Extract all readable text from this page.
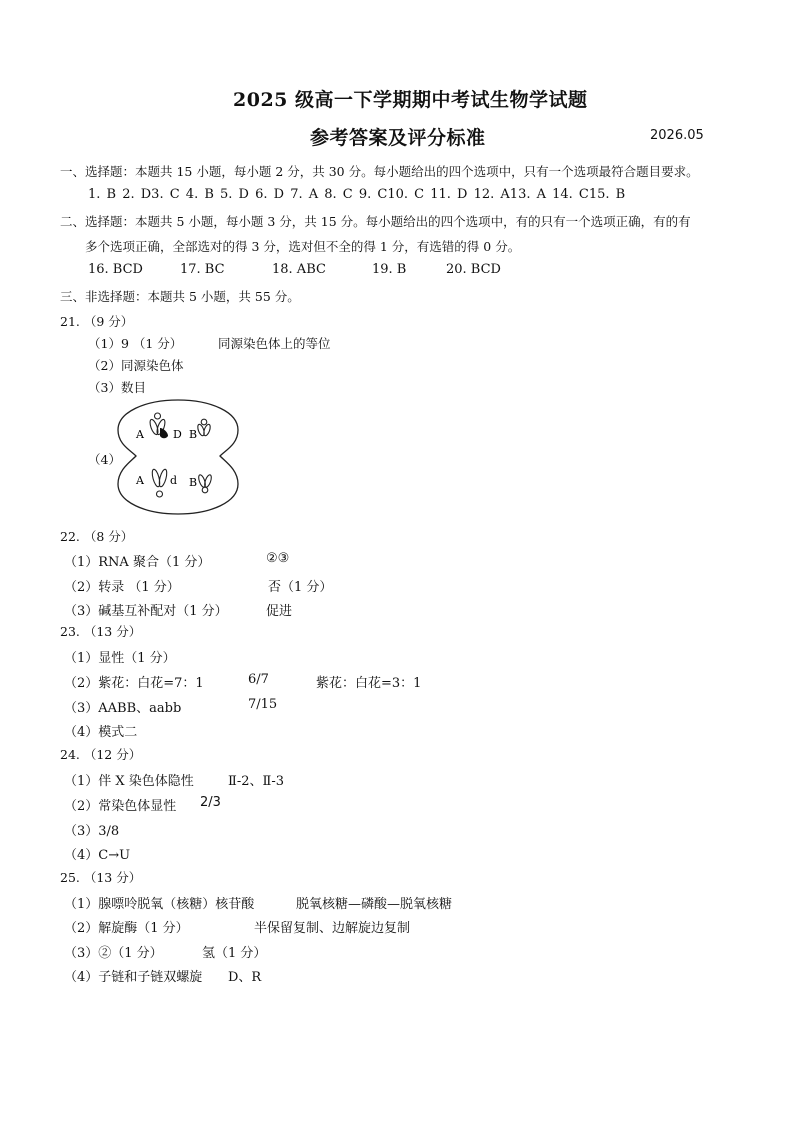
2025 级高一下学期期中考试生物学试题
参考答案及评分标准	2026.05
一、选择题：本题共 15 小题，每小题 2 分，共 30 分。每小题给出的四个选项中，只有一个选项最符合题目要求。
1. B 2. D3. C 4. B 5. D 6. D 7. A 8. C 9. C10. C 11. D 12. A13. A 14. C15. B
二、选择题：本题共 5 小题，每小题 3 分，共 15 分。每小题给出的四个选项中，有的只有一个选项正确，有的有
多个选项正确，全部选对的得 3 分，选对但不全的得 1 分，有选错的得 0 分。
16. BCD	17. BC	18. ABC	19. B	20. BCD
三、非选择题：本题共 5 小题，共 55 分。
21. （9 分）
（1）9 （1 分）	同源染色体上的等位
（2）同源染色体
（3）数目
（4）
A	D B
A d B
22. （8 分）
（1）RNA 聚合（1 分）	②③
（2）转录 （1 分）	否（1 分）
（3）碱基互补配对（1 分）	促进
23. （13 分）
（1）显性（1 分）
（2）紫花：白花=7：1	6/7	紫花：白花=3：1
（3）AABB、aabb	7/15
（4）模式二
24. （12 分）
（1）伴 X 染色体隐性	Ⅱ-2、Ⅱ-3
（2）常染色体显性 2/3
（3）3/8
（4）C→U
25. （13 分）
（1）腺嘌呤脱氧（核糖）核苷酸	脱氧核糖—磷酸—脱氧核糖
（2）解旋酶（1 分）	半保留复制、边解旋边复制
（3）②（1 分）	氢（1 分）
（4）子链和子链双螺旋 D、R
